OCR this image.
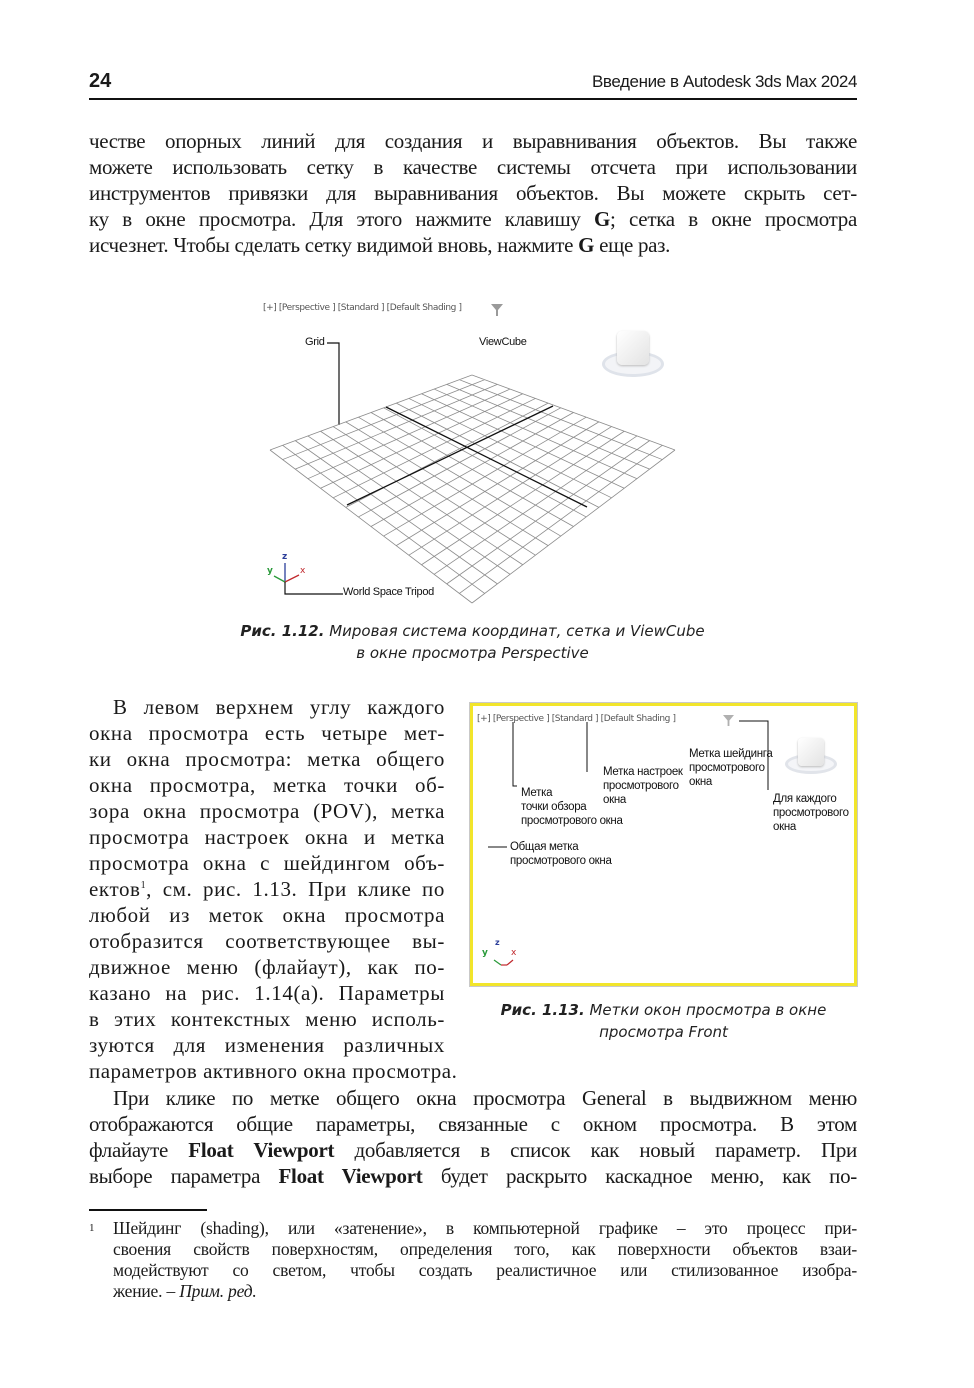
24	Введение в Autodesk 3ds Max 2024
честве опорных линий для создания и выравнивания объектов. Вы также
можете использовать сетку в качестве системы отсчета при использовании
инструментов привязки для выравнивания объектов. Вы можете скрыть сет-
ку в окне просмотра. Для этого нажмите клавишу G; сетка в окне просмотра
исчезнет. Чтобы сделать сетку видимой вновь, нажмите G еще раз.
[+] [Perspective ] [Standard ] [Default Shading ]
Grid	ViewCube
z
x
y
World Space Tripod
Рис. 1.12. Мировая система координат, сетка и ViewCube
в окне просмотра Perspective
В левом верхнем углу каждого
окна просмотра есть четыре мет-
ки окна просмотра: метка общего
окна просмотра, метка точки об-
зора окна просмотра (POV), метка
просмотра настроек окна и метка
просмотра окна с шейдингом объ-
ектов$^1$, см. рис. 1.13. При клике по
любой из меток окна просмотра
отобразится соответствующее вы-
движное меню (флайаут), как по-
казано на рис. 1.14(а). Параметры
в этих контекстных меню исполь-
зуются для изменения различных
параметров активного окна просмотра.
[+] [Perspective ] [Standard ] [Default Shading ]
Метка
точки обзора
просмотрового окна
Метка настроек
просмотрового
окна
Метка шейдинга
просмотрового
окна
Для каждого
просмотрового
окна
Общая метка
просмотрового окна
z
y	x
Рис. 1.13. Метки окон просмотра в окне
просмотра Front
При клике по метке общего окна просмотра General в выдвижном меню
отображаются общие параметры, связанные с окном просмотра. В этом
флайауте Float Viewport добавляется в список как новый параметр. При
выборе параметра Float Viewport будет раскрыто каскадное меню, как по-
1 Шейдинг (shading), или «затенение», в компьютерной графике – это процесс при-
своения свойств поверхностям, определения того, как поверхности объектов взаи-
модействуют со светом, чтобы создать реалистичное или стилизованное изобра-
жение. – Прим. ред.
